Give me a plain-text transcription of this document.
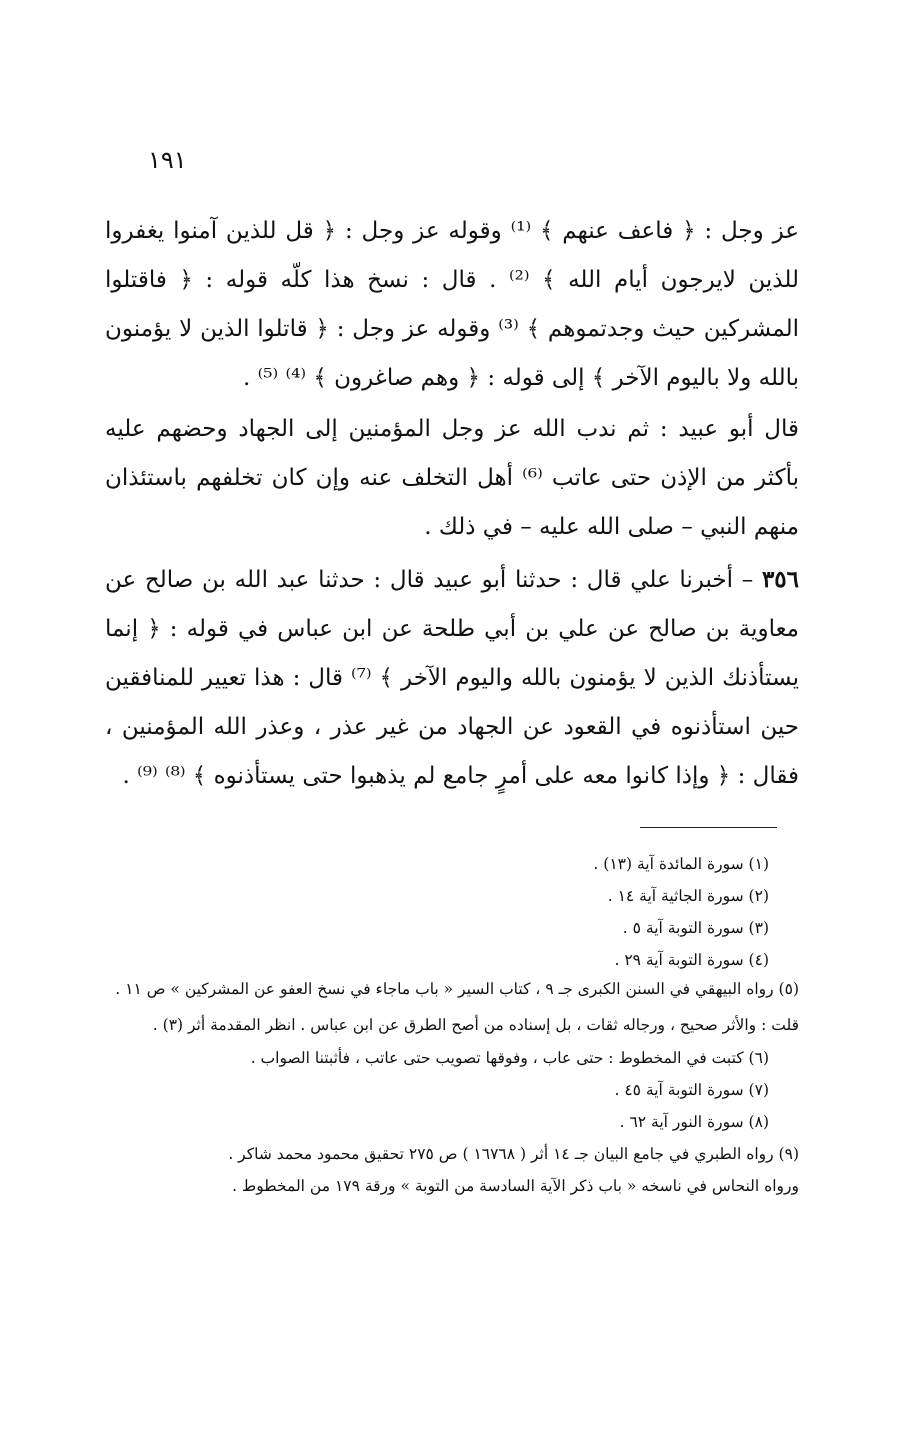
١٩١

عز وجل : ﴿ فاعف عنهم ﴾ ⁽¹⁾ وقوله عز وجل : ﴿ قل للذين آمنوا يغفروا للذين لايرجون أيام الله ﴾ ⁽²⁾ . قال : نسخ هذا كلّه قوله : ﴿ فاقتلوا المشركين حيث وجدتموهم ﴾ ⁽³⁾ وقوله عز وجل : ﴿ قاتلوا الذين لا يؤمنون بالله ولا باليوم الآخر ﴾ إلى قوله : ﴿ وهم صاغرون ﴾ ⁽⁴⁾ ⁽⁵⁾ .

قال أبو عبيد : ثم ندب الله عز وجل المؤمنين إلى الجهاد وحضهم عليه بأكثر من الإذن حتى عاتب ⁽⁶⁾ أهل التخلف عنه وإن كان تخلفهم باستئذان منهم النبي – صلى الله عليه – في ذلك .

٣٥٦ – أخبرنا علي قال : حدثنا أبو عبيد قال : حدثنا عبد الله بن صالح عن معاوية بن صالح عن علي بن أبي طلحة عن ابن عباس في قوله : ﴿ إنما يستأذنك الذين لا يؤمنون بالله واليوم الآخر ﴾ ⁽⁷⁾ قال : هذا تعيير للمنافقين حين استأذنوه في القعود عن الجهاد من غير عذر ، وعذر الله المؤمنين ، فقال : ﴿ وإذا كانوا معه على أمرٍ جامع لم يذهبوا حتى يستأذنوه ﴾ ⁽⁸⁾ ⁽⁹⁾ .

(١) سورة المائدة آية (١٣) .

(٢) سورة الجاثية آية ١٤ .

(٣) سورة التوبة آية ٥ .

(٤) سورة التوبة آية ٢٩ .

(٥) رواه البيهقي في السنن الكبرى جـ ٩ ، كتاب السير « باب ماجاء في نسخ العفو عن المشركين » ص ١١ .

قلت : والأثر صحيح ، ورجاله ثقات ، بل إسناده من أصح الطرق عن ابن عباس . انظر المقدمة أثر (٣) .

(٦) كتبت في المخطوط : حتى عاب ، وفوقها تصويب حتى عاتب ، فأثبتنا الصواب .

(٧) سورة التوبة آية ٤٥ .

(٨) سورة النور آية ٦٢ .

(٩) رواه الطبري في جامع البيان جـ ١٤ أثر ( ١٦٧٦٨ ) ص ٢٧٥ تحقيق محمود محمد شاكر .

ورواه النحاس في ناسخه « باب ذكر الآية السادسة من التوبة » ورقة ١٧٩ من المخطوط .
